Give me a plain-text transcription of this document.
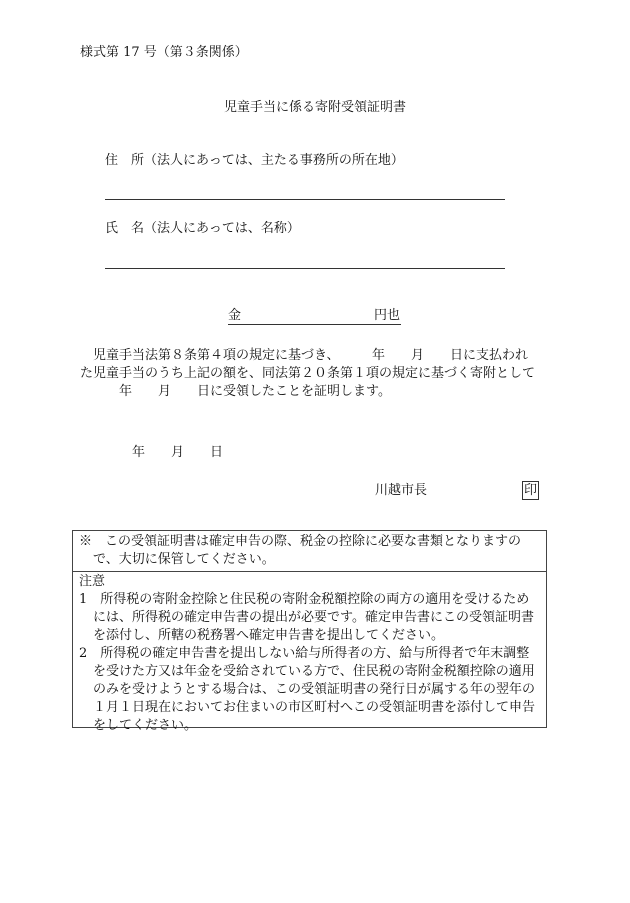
様式第 17 号（第３条関係）
児童手当に係る寄附受領証明書
住　所（法人にあっては、主たる事務所の所在地）
氏　名（法人にあっては、名称）
金	円也
　児童手当法第８条第４項の規定に基づき、　　　年　　月　　日に支払われ
た児童手当のうち上記の額を、同法第２０条第１項の規定に基づく寄附として
　　　年　　月　　日に受領したことを証明します。
年　　月　　日
川越市長	印
※　この受領証明書は確定申告の際、税金の控除に必要な書類となりますので、大切に保管してください。
注意
1　所得税の寄附金控除と住民税の寄附金税額控除の両方の適用を受けるためには、所得税の確定申告書の提出が必要です。確定申告書にこの受領証明書を添付し、所轄の税務署へ確定申告書を提出してください。
2　所得税の確定申告書を提出しない給与所得者の方、給与所得者で年末調整を受けた方又は年金を受給されている方で、住民税の寄附金税額控除の適用のみを受けようとする場合は、この受領証明書の発行日が属する年の翌年の１月１日現在においてお住まいの市区町村へこの受領証明書を添付して申告をしてください。
